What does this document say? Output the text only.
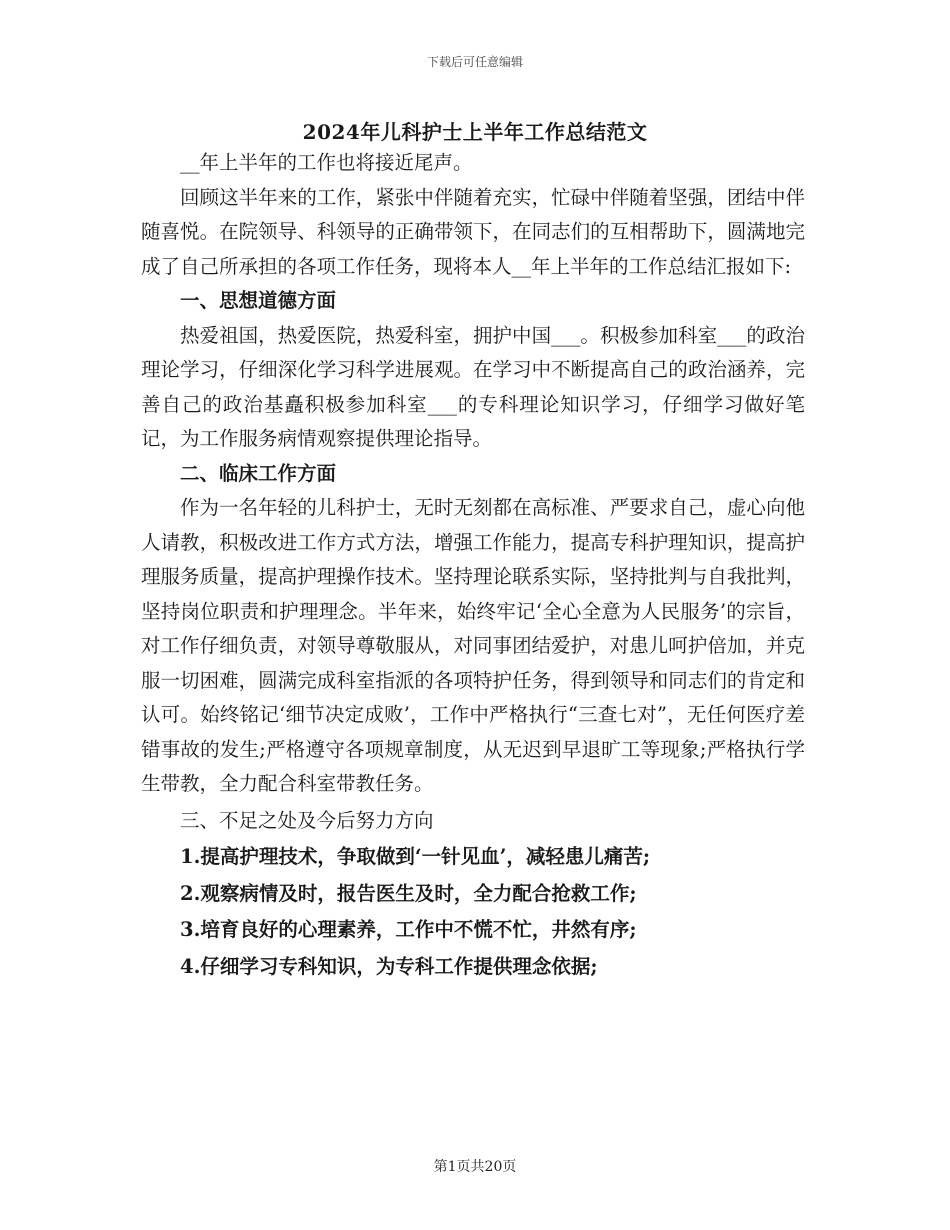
下载后可任意编辑
2024年儿科护士上半年工作总结范文

__年上半年的工作也将接近尾声。

回顾这半年来的工作，紧张中伴随着充实，忙碌中伴随着坚强，团结中伴随喜悦。在院领导、科领导的正确带领下，在同志们的互相帮助下，圆满地完成了自己所承担的各项工作任务，现将本人__年上半年的工作总结汇报如下:

一、思想道德方面

热爱祖国，热爱医院，热爱科室，拥护中国___。积极参加科室___的政治理论学习，仔细深化学习科学进展观。在学习中不断提高自己的政治涵养，完善自己的政治基矗积极参加科室___的专科理论知识学习，仔细学习做好笔记，为工作服务病情观察提供理论指导。

二、临床工作方面

作为一名年轻的儿科护士，无时无刻都在高标准、严要求自己，虚心向他人请教，积极改进工作方式方法，增强工作能力，提高专科护理知识，提高护理服务质量，提高护理操作技术。坚持理论联系实际，坚持批判与自我批判，坚持岗位职责和护理理念。半年来，始终牢记‘全心全意为人民服务’的宗旨，对工作仔细负责，对领导尊敬服从，对同事团结爱护，对患儿呵护倍加，并克服一切困难，圆满完成科室指派的各项特护任务，得到领导和同志们的肯定和认可。始终铭记‘细节决定成败’，工作中严格执行“三查七对”，无任何医疗差错事故的发生;严格遵守各项规章制度，从无迟到早退旷工等现象;严格执行学生带教，全力配合科室带教任务。

三、不足之处及今后努力方向

1.提高护理技术，争取做到‘一针见血’，减轻患儿痛苦;

2.观察病情及时，报告医生及时，全力配合抢救工作;

3.培育良好的心理素养，工作中不慌不忙，井然有序;

4.仔细学习专科知识，为专科工作提供理念依据;

第1页共20页
